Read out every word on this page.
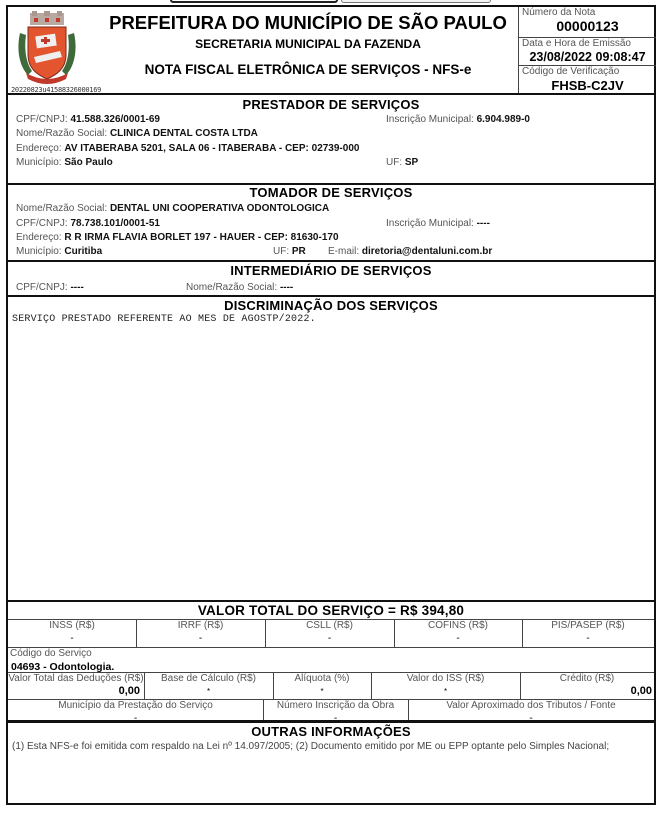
20220823u41588326000169
PREFEITURA DO MUNICÍPIO DE SÃO PAULO
SECRETARIA MUNICIPAL DA FAZENDA
NOTA FISCAL ELETRÔNICA DE SERVIÇOS - NFS-e
Número da Nota
00000123
Data e Hora de Emissão
23/08/2022 09:08:47
Código de Verificação
FHSB-C2JV
PRESTADOR DE SERVIÇOS
CPF/CNPJ: 41.588.326/0001-69	Inscrição Municipal: 6.904.989-0
Nome/Razão Social: CLINICA DENTAL COSTA LTDA
Endereço: AV ITABERABA 5201, SALA 06 - ITABERABA - CEP: 02739-000
Município: São Paulo	UF: SP
TOMADOR DE SERVIÇOS
Nome/Razão Social: DENTAL UNI COOPERATIVA ODONTOLOGICA
CPF/CNPJ: 78.738.101/0001-51	Inscrição Municipal: ----
Endereço: R R IRMA FLAVIA BORLET 197 - HAUER - CEP: 81630-170
Município: Curitiba	UF: PR E-mail: diretoria@dentaluni.com.br
INTERMEDIÁRIO DE SERVIÇOS
CPF/CNPJ: ----	Nome/Razão Social: ----
DISCRIMINAÇÃO DOS SERVIÇOS
SERVIÇO PRESTADO REFERENTE AO MES DE AGOSTP/2022.
VALOR TOTAL DO SERVIÇO = R$ 394,80
INSS (R$)
-
IRRF (R$)
-
CSLL (R$)
-
COFINS (R$)
-
PIS/PASEP (R$)
-
Código do Serviço
04693 - Odontologia.
Valor Total das Deduções (R$)
0,00
Base de Cálculo (R$)
*
Alíquota (%)
*
Valor do ISS (R$)
*
Crédito (R$)
0,00
Município da Prestação do Serviço
-
Número Inscrição da Obra
-
Valor Aproximado dos Tributos / Fonte
-
OUTRAS INFORMAÇÕES
(1) Esta NFS-e foi emitida com respaldo na Lei nº 14.097/2005; (2) Documento emitido por ME ou EPP optante pelo Simples Nacional;
